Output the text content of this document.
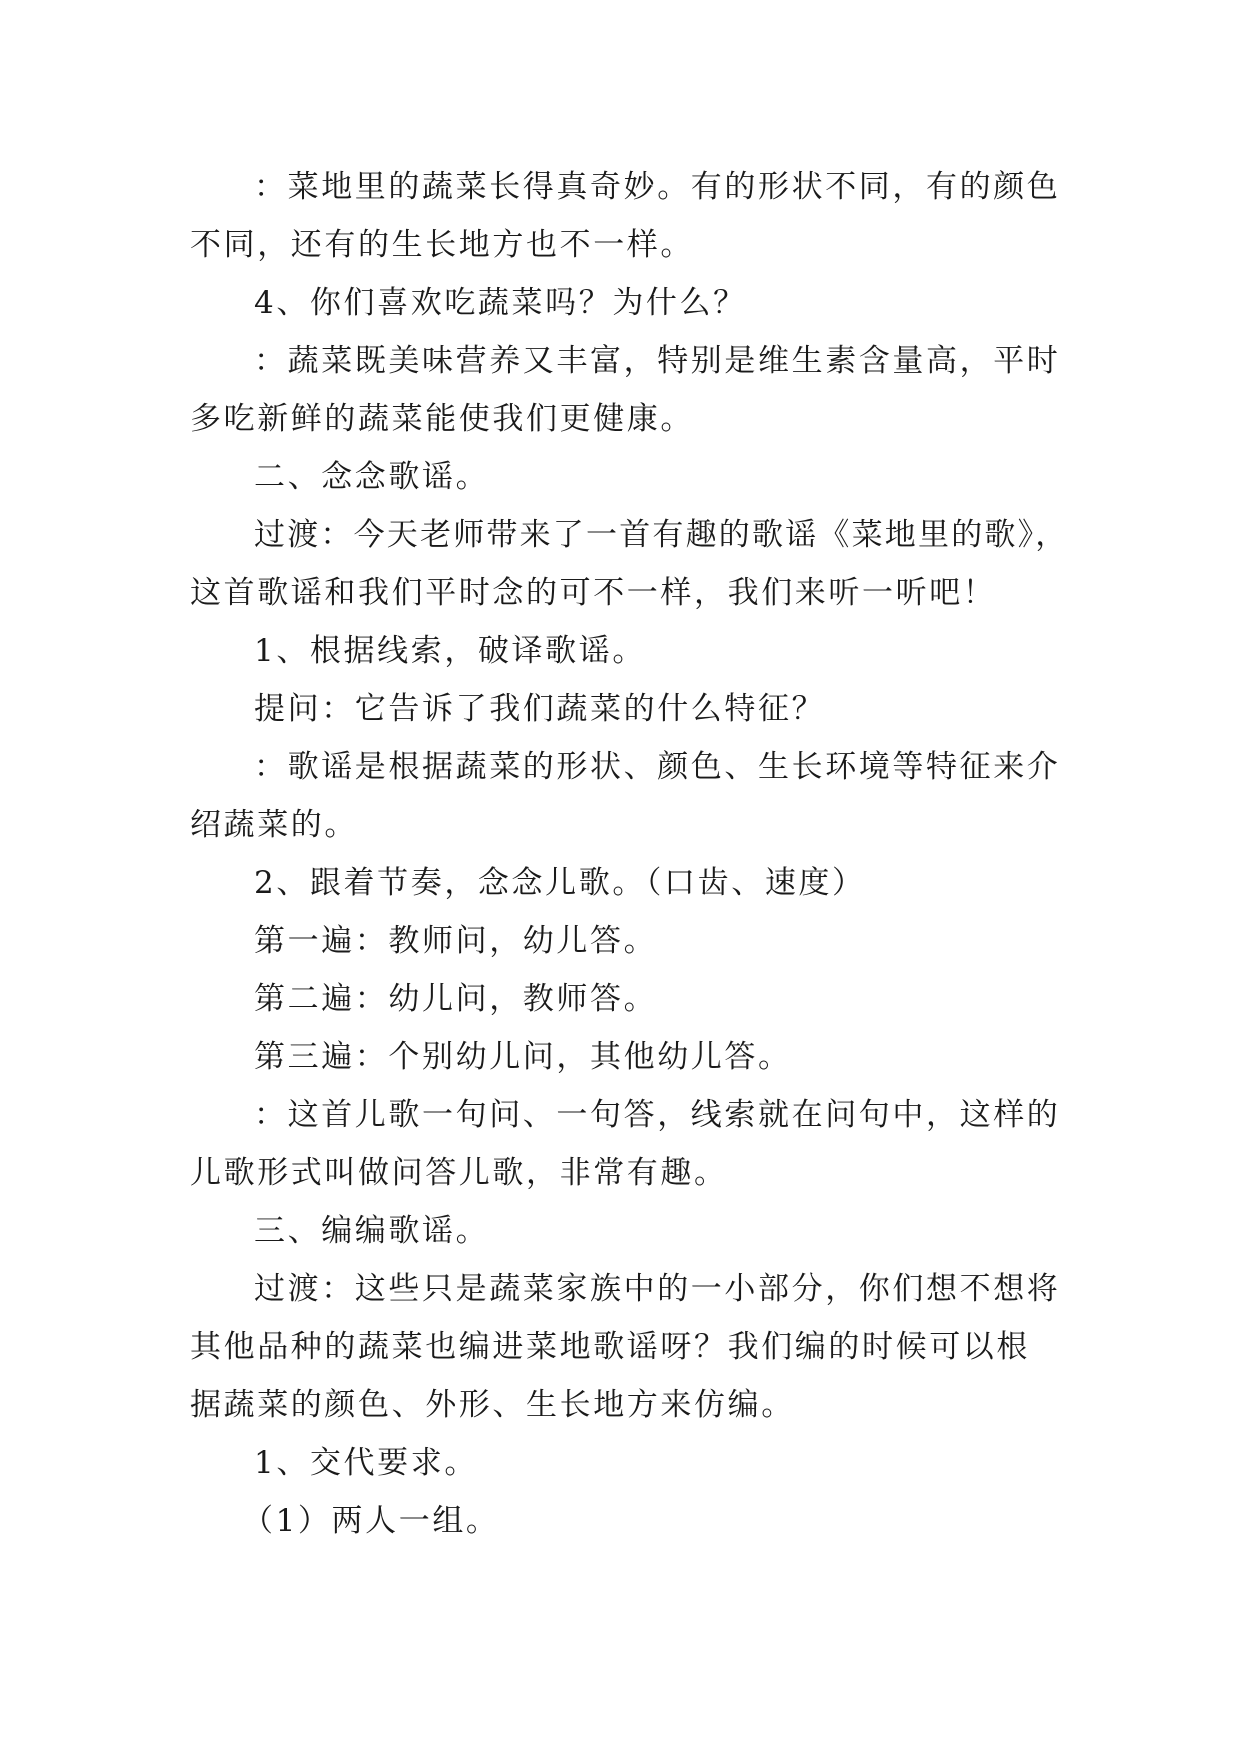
：菜地里的蔬菜长得真奇妙。有的形状不同，有的颜色
不同，还有的生长地方也不一样。
4、你们喜欢吃蔬菜吗？为什么？
：蔬菜既美味营养又丰富，特别是维生素含量高，平时
多吃新鲜的蔬菜能使我们更健康。
二、念念歌谣。
过渡：今天老师带来了一首有趣的歌谣《菜地里的歌》，
这首歌谣和我们平时念的可不一样，我们来听一听吧！
1、根据线索，破译歌谣。
提问：它告诉了我们蔬菜的什么特征？
：歌谣是根据蔬菜的形状、颜色、生长环境等特征来介
绍蔬菜的。
2、跟着节奏，念念儿歌。（口齿、速度）
第一遍：教师问，幼儿答。
第二遍：幼儿问，教师答。
第三遍：个别幼儿问，其他幼儿答。
：这首儿歌一句问、一句答，线索就在问句中，这样的
儿歌形式叫做问答儿歌，非常有趣。
三、编编歌谣。
过渡：这些只是蔬菜家族中的一小部分，你们想不想将
其他品种的蔬菜也编进菜地歌谣呀？我们编的时候可以根
据蔬菜的颜色、外形、生长地方来仿编。
1、交代要求。
（1）两人一组。
